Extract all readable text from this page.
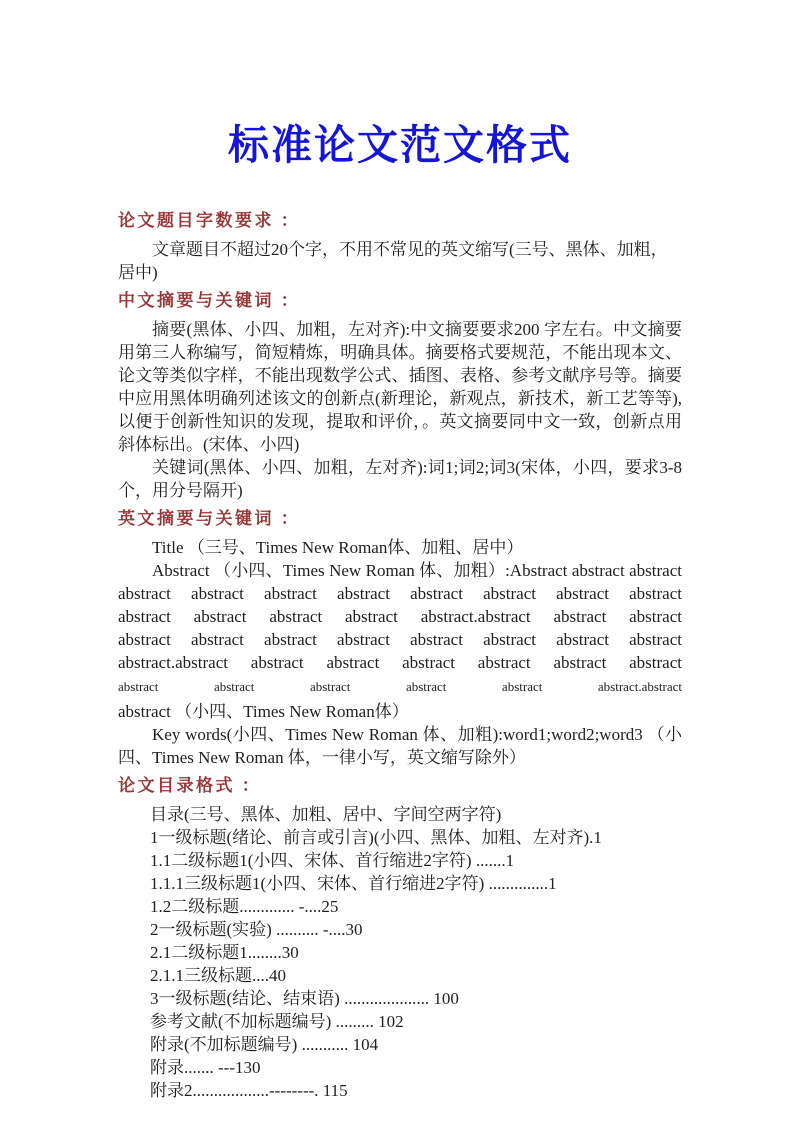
标准论文范文格式
论文题目字数要求 ：

文章题目不超过20个字，不用不常见的英文缩写(三号、黑体、加粗，居中)

中文摘要与关键词 ：

摘要(黑体、小四、加粗，左对齐):中文摘要要求200 字左右。中文摘要用第三人称编写，简短精炼，明确具体。摘要格式要规范，不能出现本文、论文等类似字样，不能出现数学公式、插图、表格、参考文献序号等。摘要中应用黑体明确列述该文的创新点(新理论，新观点，新技术，新工艺等等),以便于创新性知识的发现，提取和评价，。英文摘要同中文一致，创新点用斜体标出。(宋体、小四)

关键词(黑体、小四、加粗，左对齐):词1;词2;词3(宋体，小四，要求3-8个，用分号隔开)

英文摘要与关键词 ：

Title （三号、Times New Roman体、加粗、居中）

Abstract （小四、Times New Roman 体、加粗）:Abstract abstract abstract
abstract abstract abstract abstract abstract abstract abstract abstract
abstract abstract abstract abstract abstract.abstract abstract abstract
abstract abstract abstract abstract abstract abstract abstract abstract
abstract.abstract abstract abstract abstract abstract abstract abstract
abstract abstract abstract abstract abstract abstract.abstract
abstract （小四、Times New Roman体）

Key words(小四、Times New Roman 体、加粗):word1;word2;word3 （小四、Times New Roman 体，一律小写，英文缩写除外）

论文目录格式 ：
目录(三号、黑体、加粗、居中、字间空两字符)
1一级标题(绪论、前言或引言)(小四、黑体、加粗、左对齐).1
1.1二级标题1(小四、宋体、首行缩进2字符) .......1
1.1.1三级标题1(小四、宋体、首行缩进2字符) ..............1
1.2二级标题............. -....25
2一级标题(实验) .......... -....30
2.1二级标题1........30
2.1.1三级标题....40
3一级标题(结论、结束语) .................... 100
参考文献(不加标题编号) ......... 102
附录(不加标题编号) ........... 104
附录....... ---130
附录2..................--------. 115
